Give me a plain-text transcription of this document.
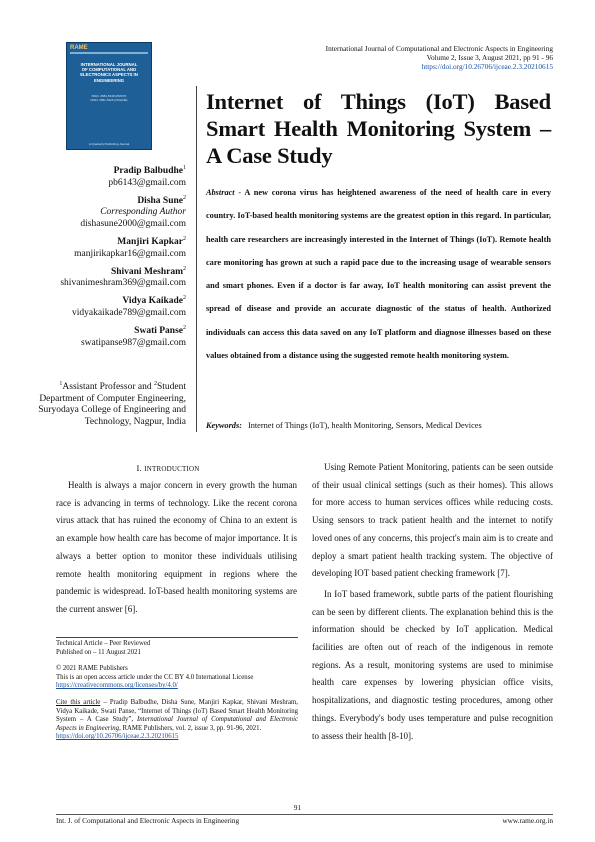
International Journal of Computational and Electronic Aspects in Engineering
Volume 2, Issue 3, August 2021, pp 91 - 96
https://doi.org/10.26706/ijceae.2.3.20210615
RAME
INTERNATIONAL JOURNAL
OF COMPUTATIONAL AND
ELECTRONICS ASPECTS IN
ENGINEERING
ISSN: 2581-5318 (PRINT)
ISSN: 2581-5326 (ONLINE)
A Quarterly Publishing Journal
Internet of Things (IoT) Based Smart Health Monitoring System – A Case Study
Pradip Balbudhe$^1$
pb6143@gmail.com
Disha Sune$^2$
Corresponding Author
dishasune2000@gmail.com
Manjiri Kapkar$^2$
manjirikapkar16@gmail.com
Shivani Meshram$^2$
shivanimeshram369@gmail.com
Vidya Kaikade$^2$
vidyakaikade789@gmail.com
Swati Panse$^2$
swatipanse987@gmail.com
$^1$Assistant Professor and $^2$Student Department of Computer Engineering, Suryodaya College of Engineering and Technology, Nagpur, India
Abstract - A new corona virus has heightened awareness of the need of health care in every country. IoT-based health monitoring systems are the greatest option in this regard. In particular, health care researchers are increasingly interested in the Internet of Things (IoT). Remote health care monitoring has grown at such a rapid pace due to the increasing usage of wearable sensors and smart phones. Even if a doctor is far away, IoT health monitoring can assist prevent the spread of disease and provide an accurate diagnostic of the status of health. Authorized individuals can access this data saved on any IoT platform and diagnose illnesses based on these values obtained from a distance using the suggested remote health monitoring system.
Keywords: Internet of Things (IoT), health Monitoring, Sensors, Medical Devices
I. INTRODUCTION

Health is always a major concern in every growth the human race is advancing in terms of technology. Like the recent corona virus attack that has ruined the economy of China to an extent is an example how health care has become of major importance. It is always a better option to monitor these individuals utilising remote health monitoring equipment in regions where the pandemic is widespread. IoT-based health monitoring systems are the current answer [6].

Using Remote Patient Monitoring, patients can be seen outside of their usual clinical settings (such as their homes). This allows for more access to human services offices while reducing costs. Using sensors to track patient health and the internet to notify loved ones of any concerns, this project's main aim is to create and deploy a smart patient health tracking system. The objective of developing IOT based patient checking framework [7].

In IoT based framework, subtle parts of the patient flourishing can be seen by different clients. The explanation behind this is the information should be checked by IoT application. Medical facilities are often out of reach of the indigenous in remote regions. As a result, monitoring systems are used to minimise health care expenses by lowering physician office visits, hospitalizations, and diagnostic testing procedures, among other things. Everybody's body uses temperature and pulse recognition to assess their health [8-10].

Technical Article – Peer Reviewed
Published on – 11 August 2021
© 2021 RAME Publishers
This is an open access article under the CC BY 4.0 International License
https://creativecommons.org/licenses/by/4.0/
Cite this article – Pradip Balbudhe, Disha Sune, Manjiri Kapkar, Shivani Meshram, Vidya Kaikade, Swati Panse, “Internet of Things (IoT) Based Smart Health Monitoring System – A Case Study”, International Journal of Computational and Electronic Aspects in Engineering, RAME Publishers, vol. 2, issue 3, pp. 91-96, 2021.
https://doi.org/10.26706/ijceae.2.3.20210615
91
Int. J. of Computational and Electronic Aspects in Engineering	www.rame.org.in
